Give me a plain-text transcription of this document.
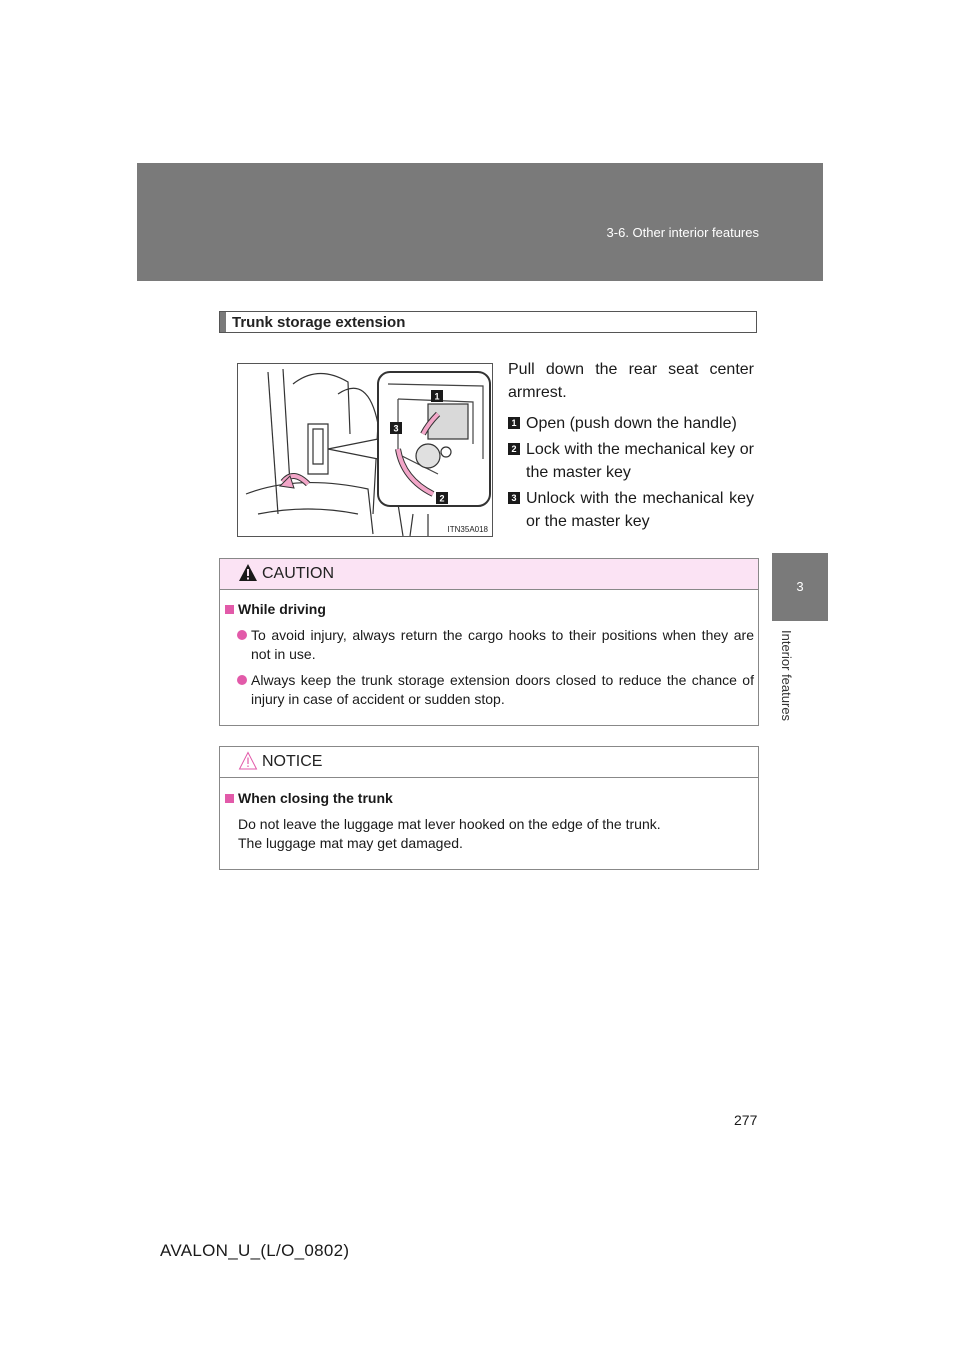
3-6. Other interior features
3
Interior features
Trunk storage extension
1
2
3
ITN35A018
Pull down the rear seat center armrest.
1 Open (push down the handle)
2 Lock with the mechanical key or the master key
3 Unlock with the mechanical key or the master key
CAUTION
While driving
To avoid injury, always return the cargo hooks to their positions when they are not in use.
Always keep the trunk storage extension doors closed to reduce the chance of injury in case of accident or sudden stop.
NOTICE
When closing the trunk
Do not leave the luggage mat lever hooked on the edge of the trunk.
The luggage mat may get damaged.
277
AVALON_U_(L/O_0802)
